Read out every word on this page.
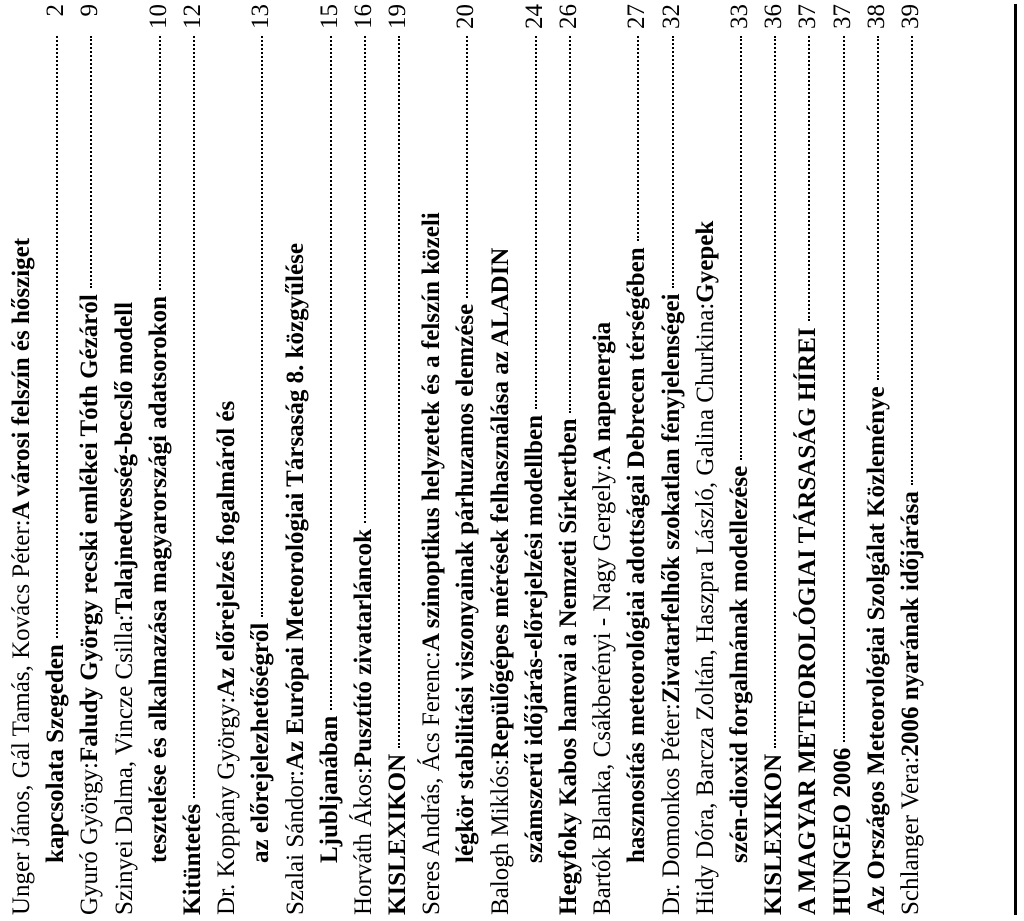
Unger János, Gál Tamás, Kovács Péter:
A városi felszín és hősziget
kapcsolata Szegeden
2
Gyuró György:
Faludy György recski emlékei Tóth Gézáról
9
Szinyei Dalma, Vincze Csilla:
Talajnedvesség-becslő modell tesztelése és alkalmazása magyarországi adatsorokon
10
Kitüntetés
12
Dr. Koppány György:
Az előrejelzés fogalmáról és
az előrejelezhetőségről
13
Szalai Sándor:
Az Európai Meteorológiai Társaság 8. közgyűlése
Ljubljanában
15
Horváth Ákos:
Pusztító zivatarláncok
16
KISLEXIKON
19
Seres András, Ács Ferenc:
A szinoptikus helyzetek és a felszín közeli légkör stabilitási viszonyainak párhuzamos elemzése
20
Balogh Miklós:
Repülőgépes mérések felhasználása az ALADIN számszerű időjárás-előrejelzési modellben
24
Hegyfoky Kabos hamvai a Nemzeti Sírkertben
26
Bartók Blanka, Csákberényi - Nagy Gergely:
A napenergia hasznosítás meteorológiai adottságai Debrecen térségében
27
Dr. Domonkos Péter:
Zivatarfelhők szokatlan fényjelenségei
32
Hidy Dóra, Barcza Zoltán, Haszpra László, Galina Churkina:
Gyepek
szén-dioxid forgalmának modellezése
33
KISLEXIKON
36
A MAGYAR METEOROLÓGIAI TÁRSASÁG HÍREI
37
HUNGEO 2006
37
Az Országos Meteorológiai Szolgálat Közleménye
38
Schlanger Vera:
2006 nyarának időjárása
39
